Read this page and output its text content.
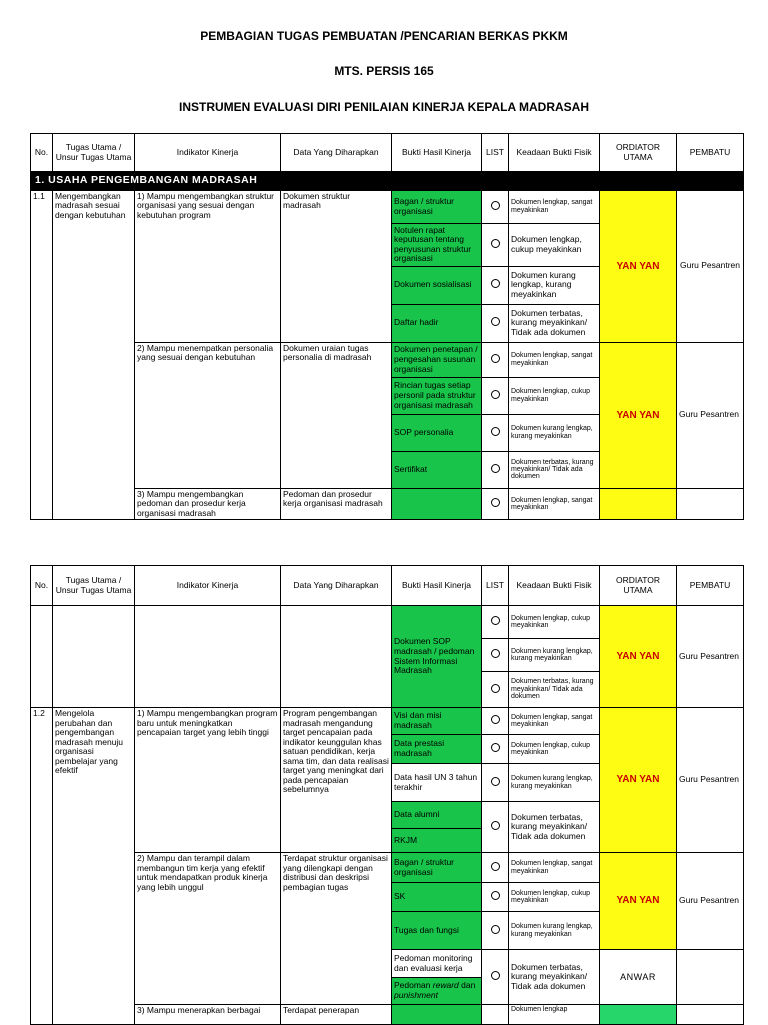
PEMBAGIAN TUGAS PEMBUATAN /PENCARIAN BERKAS PKKM
MTS. PERSIS 165
INSTRUMEN EVALUASI DIRI PENILAIAN KINERJA KEPALA MADRASAH
No.	Tugas Utama / Unsur Tugas Utama	Indikator Kinerja	Data Yang Diharapkan	Bukti Hasil Kinerja	LIST	Keadaan Bukti Fisik	ORDIATOR UTAMA	PEMBATU
1. USAHA PENGEMBANGAN MADRASAH								
1.1	Mengembangkan madrasah sesuai dengan kebutuhan	1) Mampu mengembangkan struktur organisasi yang sesuai dengan kebutuhan program	Dokumen struktur madrasah	Bagan / struktur organisasi		Dokumen lengkap, sangat meyakinkan	YAN YAN	Guru Pesantren
				Notulen rapat keputusan tentang penyusunan struktur organisasi		Dokumen lengkap, cukup meyakinkan		
				Dokumen sosialisasi		Dokumen kurang lengkap, kurang meyakinkan		
				Daftar hadir		Dokumen terbatas, kurang meyakinkan/ Tidak ada dokumen		
		2) Mampu menempatkan personalia yang sesuai dengan kebutuhan	Dokumen uraian tugas personalia di madrasah	Dokumen penetapan / pengesahan susunan organisasi		Dokumen lengkap, sangat meyakinkan	YAN YAN	Guru Pesantren
				Rincian tugas setiap personil pada struktur organisasi madrasah		Dokumen lengkap, cukup meyakinkan		
				SOP personalia		Dokumen kurang lengkap, kurang meyakinkan		
				Sertifikat		Dokumen terbatas, kurang meyakinkan/ Tidak ada dokumen		
		3) Mampu mengembangkan pedoman dan prosedur kerja organisasi madrasah	Pedoman dan prosedur kerja organisasi madrasah			Dokumen lengkap, sangat meyakinkan		
No.	Tugas Utama / Unsur Tugas Utama	Indikator Kinerja	Data Yang Diharapkan	Bukti Hasil Kinerja	LIST	Keadaan Bukti Fisik	ORDIATOR UTAMA	PEMBATU
				Dokumen SOP madrasah / pedoman Sistem Informasi Madrasah		Dokumen lengkap, cukup meyakinkan	YAN YAN	Guru Pesantren
						Dokumen kurang lengkap, kurang meyakinkan		
						Dokumen terbatas, kurang meyakinkan/ Tidak ada dokumen		
1.2	Mengelola perubahan dan pengembangan madrasah menuju organisasi pembelajar yang efektif	1) Mampu mengembangkan program baru untuk meningkatkan pencapaian target yang lebih tinggi	Program pengembangan madrasah mengandung target pencapaian pada indikator keunggulan khas satuan pendidikan, kerja sama tim, dan data realisasi target yang meningkat dari pada pencapaian sebelumnya	Visi dan misi madrasah		Dokumen lengkap, sangat meyakinkan	YAN YAN	Guru Pesantren
				Data prestasi madrasah		Dokumen lengkap, cukup meyakinkan		
				Data hasil UN 3 tahun terakhir		Dokumen kurang lengkap, kurang meyakinkan		
				Data alumni		Dokumen terbatas, kurang meyakinkan/ Tidak ada dokumen		
				RKJM				
		2) Mampu dan terampil dalam membangun tim kerja yang efektif untuk mendapatkan produk kinerja yang lebih unggul	Terdapat struktur organisasi yang dilengkapi dengan distribusi dan deskripsi pembagian tugas	Bagan / struktur organisasi		Dokumen lengkap, sangat meyakinkan	YAN YAN	Guru Pesantren
				SK		Dokumen lengkap, cukup meyakinkan		
				Tugas dan fungsi		Dokumen kurang lengkap, kurang meyakinkan		
				Pedoman monitoring dan evaluasi kerja		Dokumen terbatas, kurang meyakinkan/ Tidak ada dokumen	ANWAR	
				Pedoman reward dan punishment				
		3) Mampu menerapkan berbagai	Terdapat penerapan			Dokumen lengkap		
